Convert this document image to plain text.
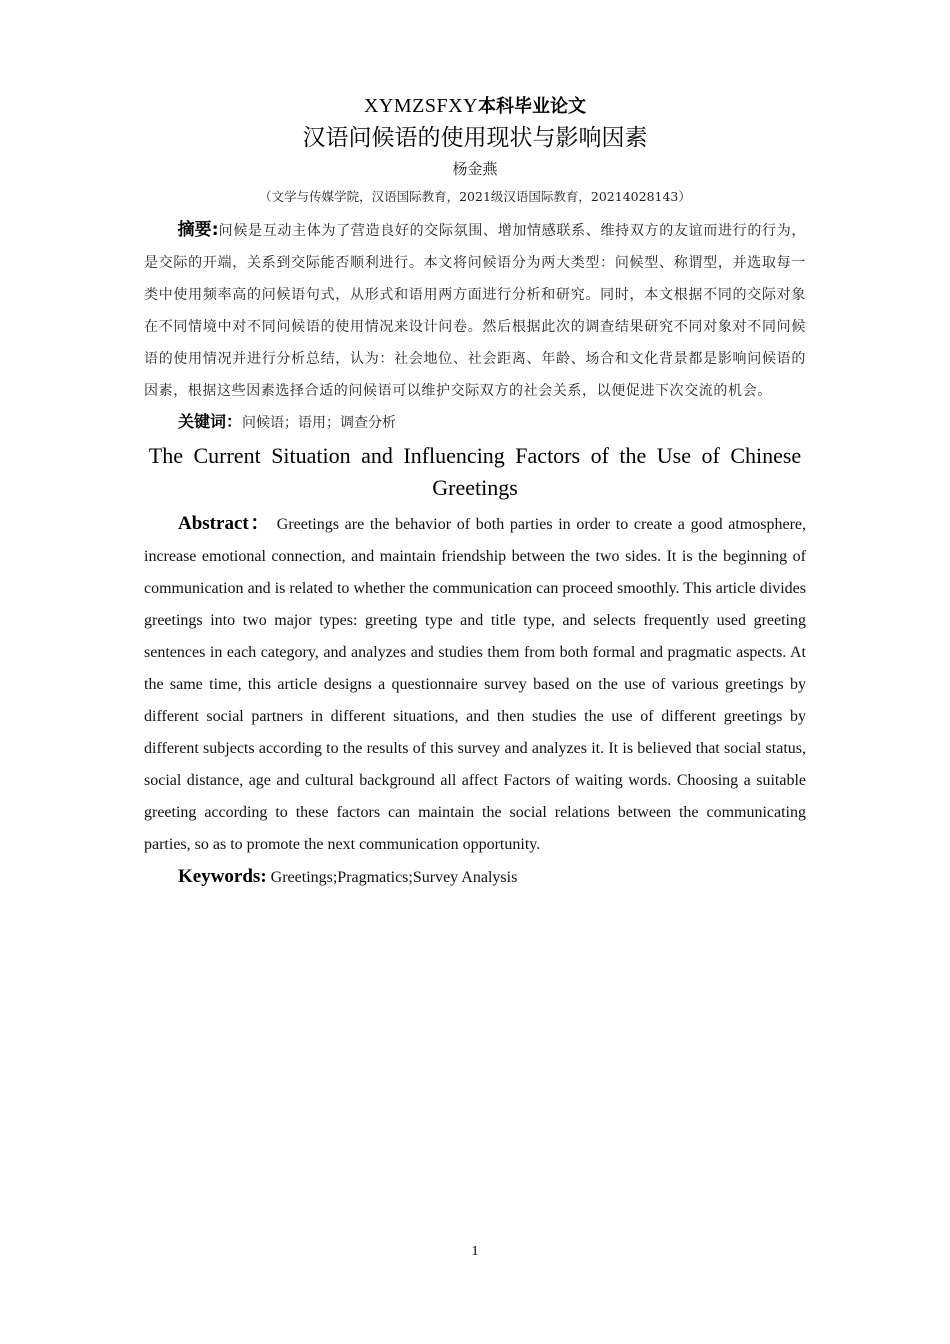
XYMZSFXY本科毕业论文
汉语问候语的使用现状与影响因素
杨金燕
（文学与传媒学院，汉语国际教育，2021级汉语国际教育，20214028143）

摘要:问候是互动主体为了营造良好的交际氛围、增加情感联系、维持双方的友谊而进行的行为，是交际的开端，关系到交际能否顺利进行。本文将问候语分为两大类型：问候型、称谓型，并选取每一类中使用频率高的问候语句式，从形式和语用两方面进行分析和研究。同时，本文根据不同的交际对象在不同情境中对不同问候语的使用情况来设计问卷。然后根据此次的调查结果研究不同对象对不同问候语的使用情况并进行分析总结，认为：社会地位、社会距离、年龄、场合和文化背景都是影响问候语的因素，根据这些因素选择合适的问候语可以维护交际双方的社会关系，以便促进下次交流的机会。

关键词：问候语；语用；调查分析

The Current Situation and Influencing Factors of the Use of Chinese Greetings

Abstract： Greetings are the behavior of both parties in order to create a good atmosphere, increase emotional connection, and maintain friendship between the two sides. It is the beginning of communication and is related to whether the communication can proceed smoothly. This article divides greetings into two major types: greeting type and title type, and selects frequently used greeting sentences in each category, and analyzes and studies them from both formal and pragmatic aspects. At the same time, this article designs a questionnaire survey based on the use of various greetings by different social partners in different situations, and then studies the use of different greetings by different subjects according to the results of this survey and analyzes it. It is believed that social status, social distance, age and cultural background all affect Factors of waiting words. Choosing a suitable greeting according to these factors can maintain the social relations between the communicating parties, so as to promote the next communication opportunity.

Keywords: Greetings;Pragmatics;Survey Analysis

1
